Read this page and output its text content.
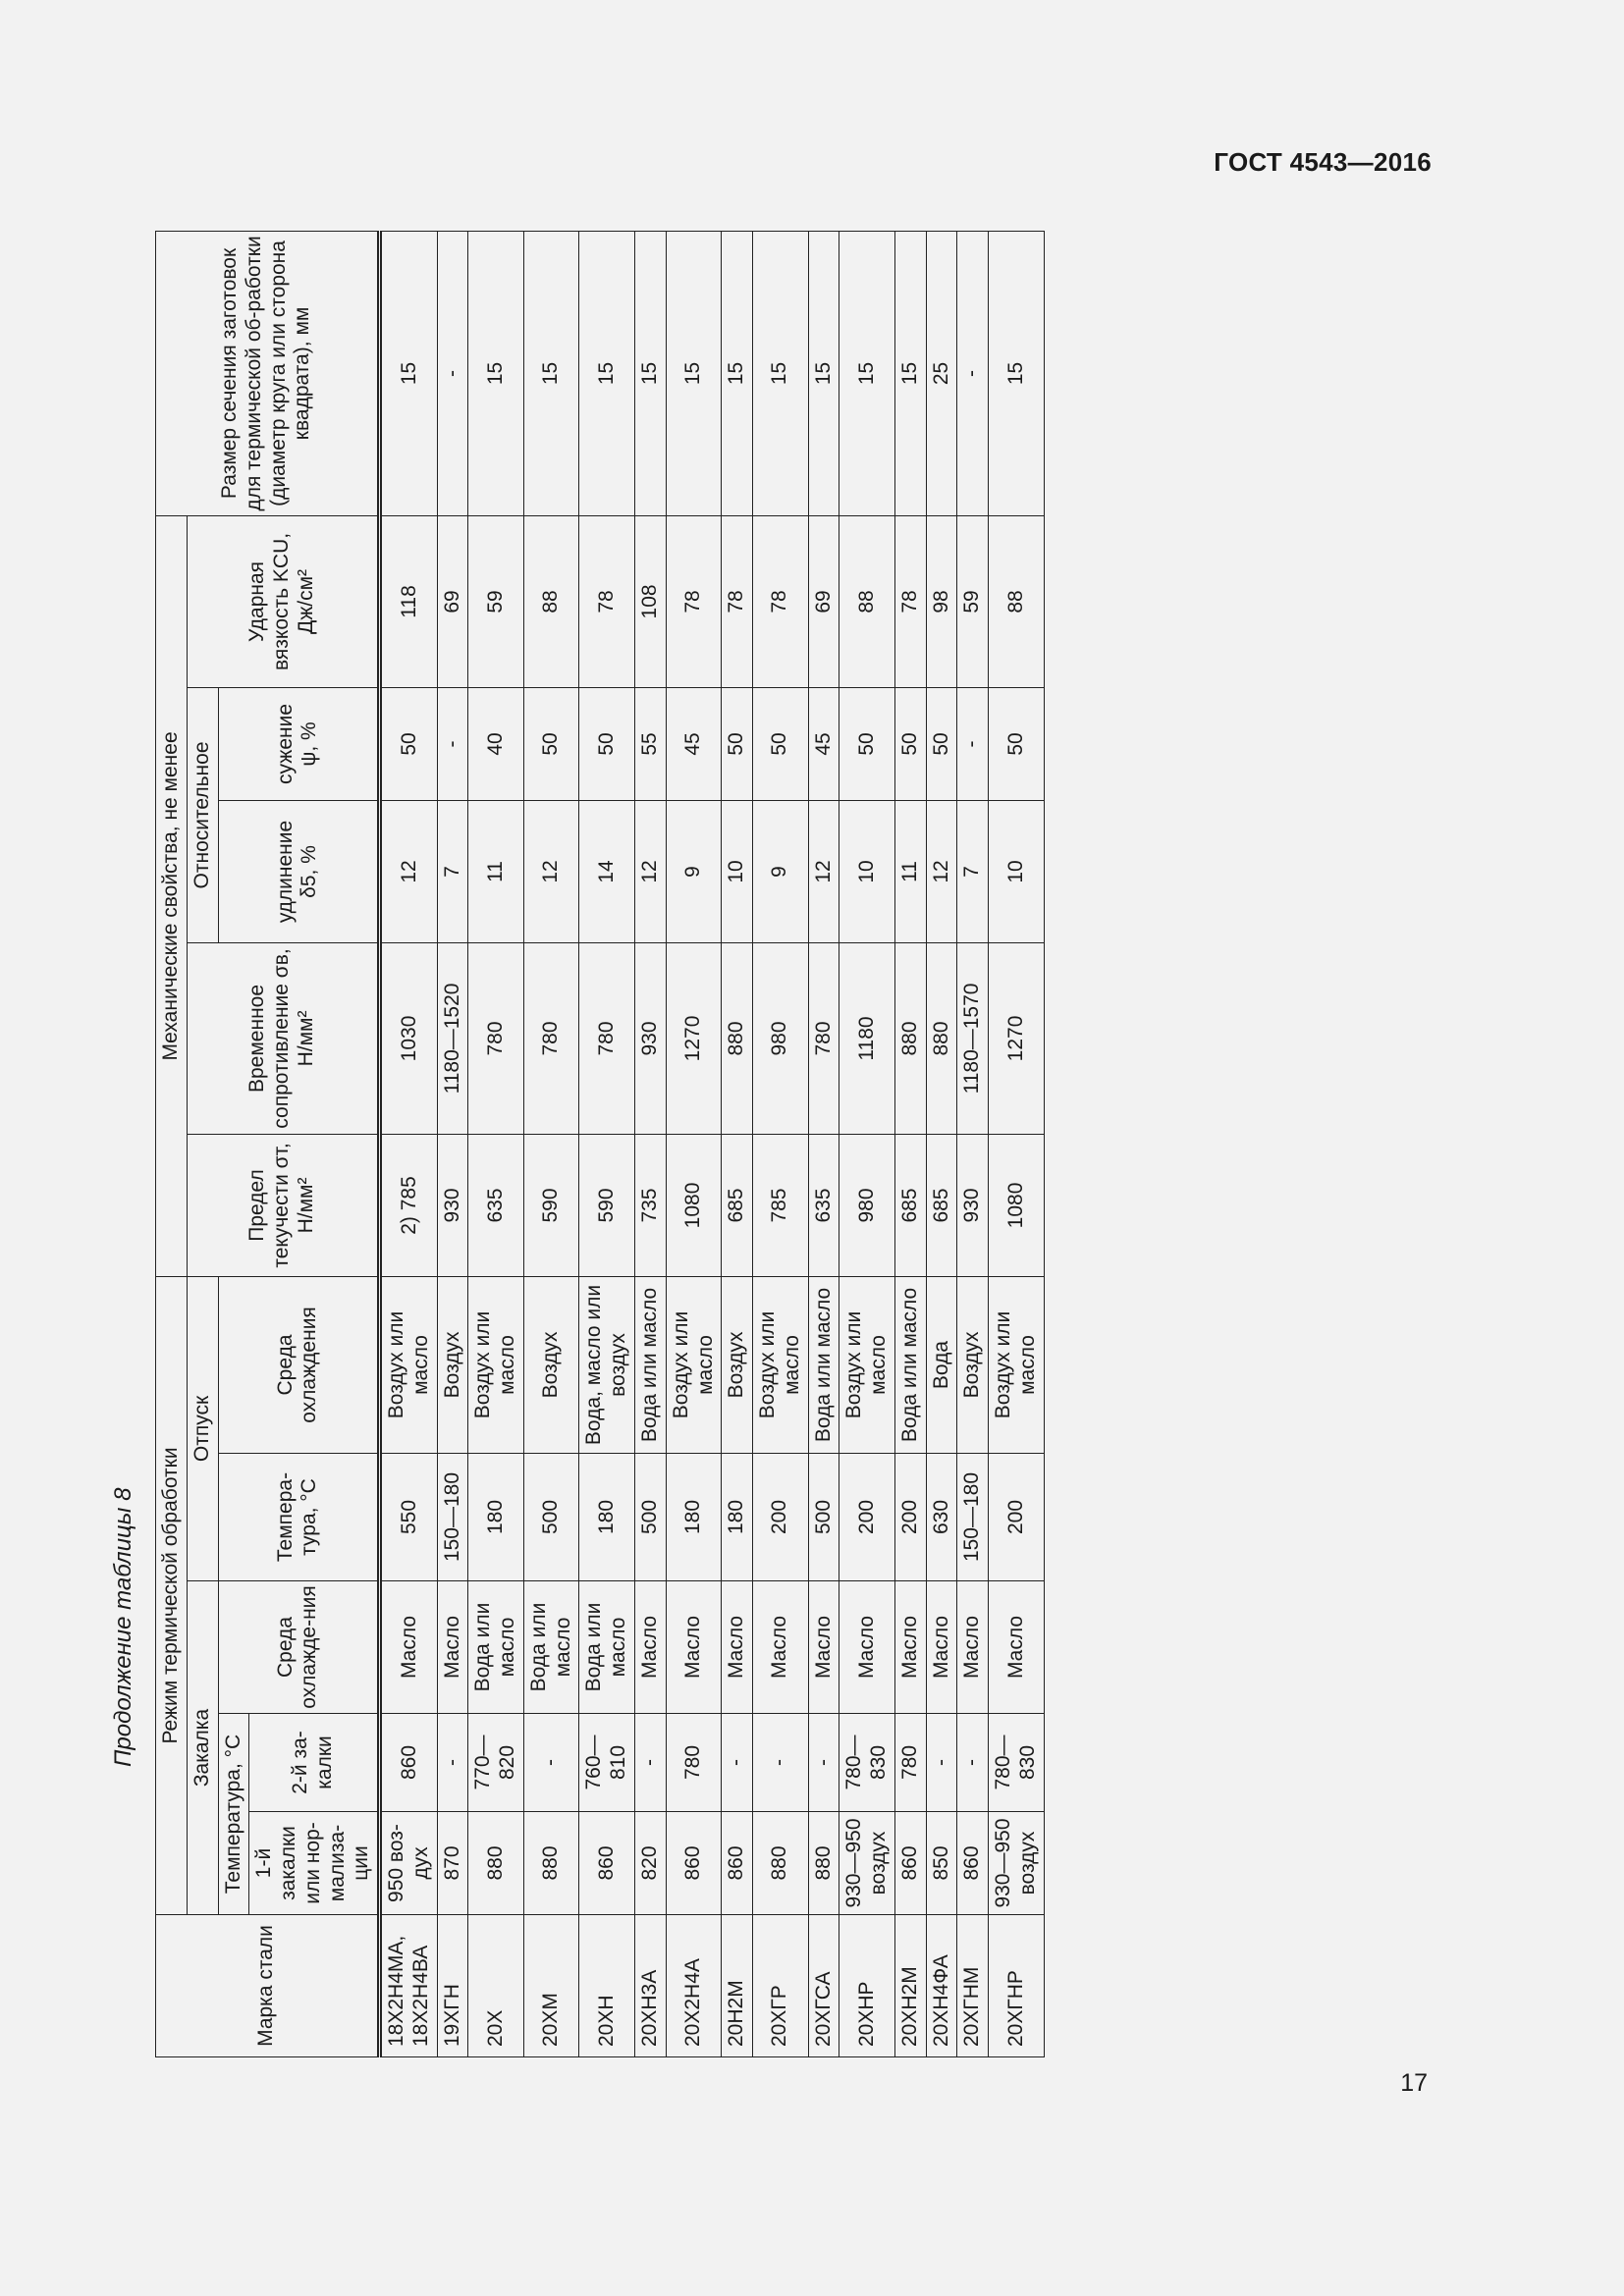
ГОСТ 4543—2016
Продолжение таблицы 8
Марка стали	Режим термической обработки					Механические свойства, не менее					Размер сечения заготовок для термической об-работки (диаметр круга или сторона квадрата), мм
	Закалка			Отпуск		Предел текучести σт, Н/мм²	Временное сопротивление σв, Н/мм²	Относительное		Ударная вязкость KCU, Дж/см²	
	Температура, °С		Среда охлажде-ния	Темпера-тура, °С	Среда охлаждения			удлинение δ5, %	сужение ψ, %		
	1-й закалки или нор-мализа-ции	2-й за-калки									
18Х2Н4МА, 18Х2Н4ВА	950 воз-дух	860	Масло	550	Воздух или масло	2) 785	1030	12	50	118	15
19ХГН	870	-	Масло	150—180	Воздух	930	1180—1520	7	-	69	-
20Х	880	770—820	Вода или масло	180	Воздух или масло	635	780	11	40	59	15
20ХМ	880	-	Вода или масло	500	Воздух	590	780	12	50	88	15
20ХН	860	760—810	Вода или масло	180	Вода, масло или воздух	590	780	14	50	78	15
20ХН3А	820	-	Масло	500	Вода или масло	735	930	12	55	108	15
20Х2Н4А	860	780	Масло	180	Воздух или масло	1080	1270	9	45	78	15
20Н2М	860	-	Масло	180	Воздух	685	880	10	50	78	15
20ХГР	880	-	Масло	200	Воздух или масло	785	980	9	50	78	15
20ХГСА	880	-	Масло	500	Вода или масло	635	780	12	45	69	15
20ХНР	930—950 воздух	780—830	Масло	200	Воздух или масло	980	1180	10	50	88	15
20ХН2М	860	780	Масло	200	Вода или масло	685	880	11	50	78	15
20ХН4ФА	850	-	Масло	630	Вода	685	880	12	50	98	25
20ХГНМ	860	-	Масло	150—180	Воздух	930	1180—1570	7	-	59	-
20ХГНР	930—950 воздух	780—830	Масло	200	Воздух или масло	1080	1270	10	50	88	15
17
